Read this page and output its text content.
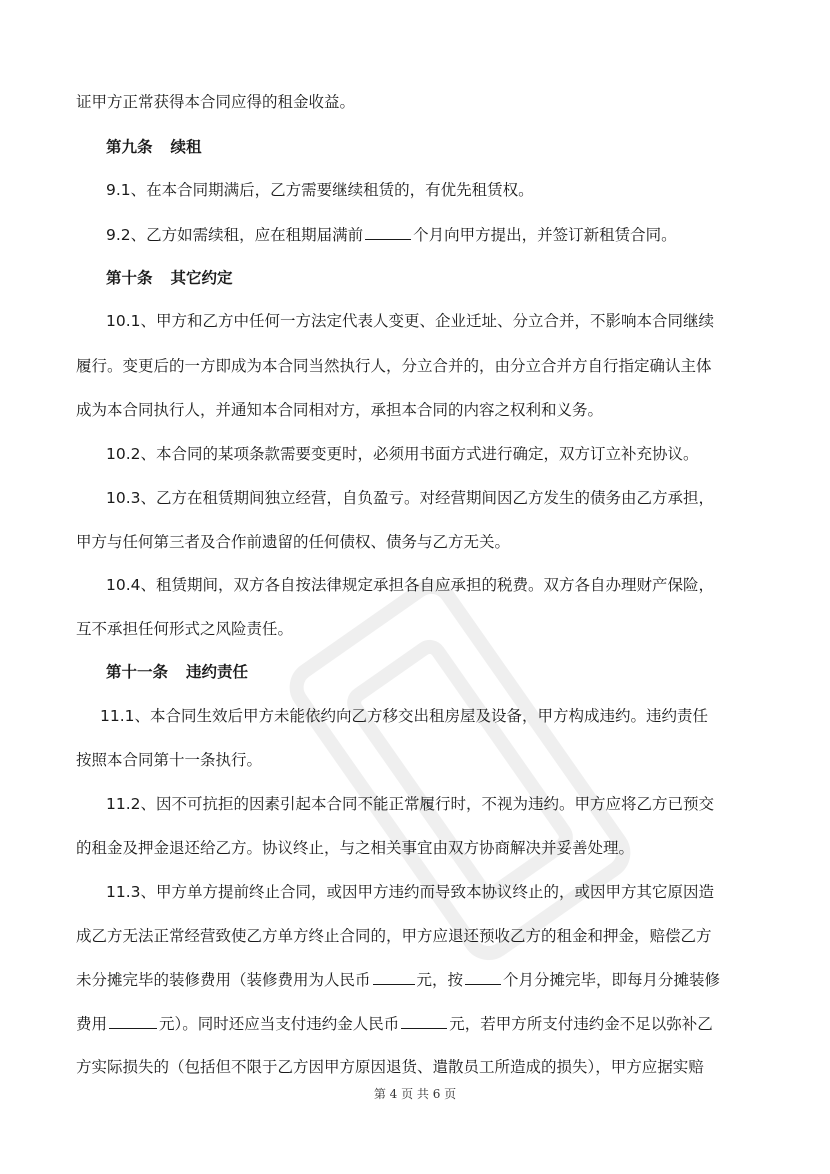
证甲方正常获得本合同应得的租金收益。
第九条 续租
9.1、在本合同期满后，乙方需要继续租赁的，有优先租赁权。
9.2、乙方如需续租，应在租期届满前	个月向甲方提出，并签订新租赁合同。
第十条 其它约定
10.1、甲方和乙方中任何一方法定代表人变更、企业迁址、分立合并，不影响本合同继续
履行。变更后的一方即成为本合同当然执行人，分立合并的，由分立合并方自行指定确认主体
成为本合同执行人，并通知本合同相对方，承担本合同的内容之权利和义务。
10.2、本合同的某项条款需要变更时，必须用书面方式进行确定，双方订立补充协议。
10.3、乙方在租赁期间独立经营，自负盈亏。对经营期间因乙方发生的债务由乙方承担，
甲方与任何第三者及合作前遗留的任何债权、债务与乙方无关。
10.4、租赁期间，双方各自按法律规定承担各自应承担的税费。双方各自办理财产保险，
互不承担任何形式之风险责任。
第十一条 违约责任
11.1、本合同生效后甲方未能依约向乙方移交出租房屋及设备，甲方构成违约。违约责任
按照本合同第十一条执行。
11.2、因不可抗拒的因素引起本合同不能正常履行时，不视为违约。甲方应将乙方已预交
的租金及押金退还给乙方。协议终止，与之相关事宜由双方协商解决并妥善处理。
11.3、甲方单方提前终止合同，或因甲方违约而导致本协议终止的，或因甲方其它原因造
成乙方无法正常经营致使乙方单方终止合同的，甲方应退还预收乙方的租金和押金，赔偿乙方
未分摊完毕的装修费用（装修费用为人民币	元，按	个月分摊完毕，即每月分摊装修
费用	元）。同时还应当支付违约金人民币	元，若甲方所支付违约金不足以弥补乙
方实际损失的（包括但不限于乙方因甲方原因退货、遣散员工所造成的损失），甲方应据实赔
第 4 页 共 6 页
